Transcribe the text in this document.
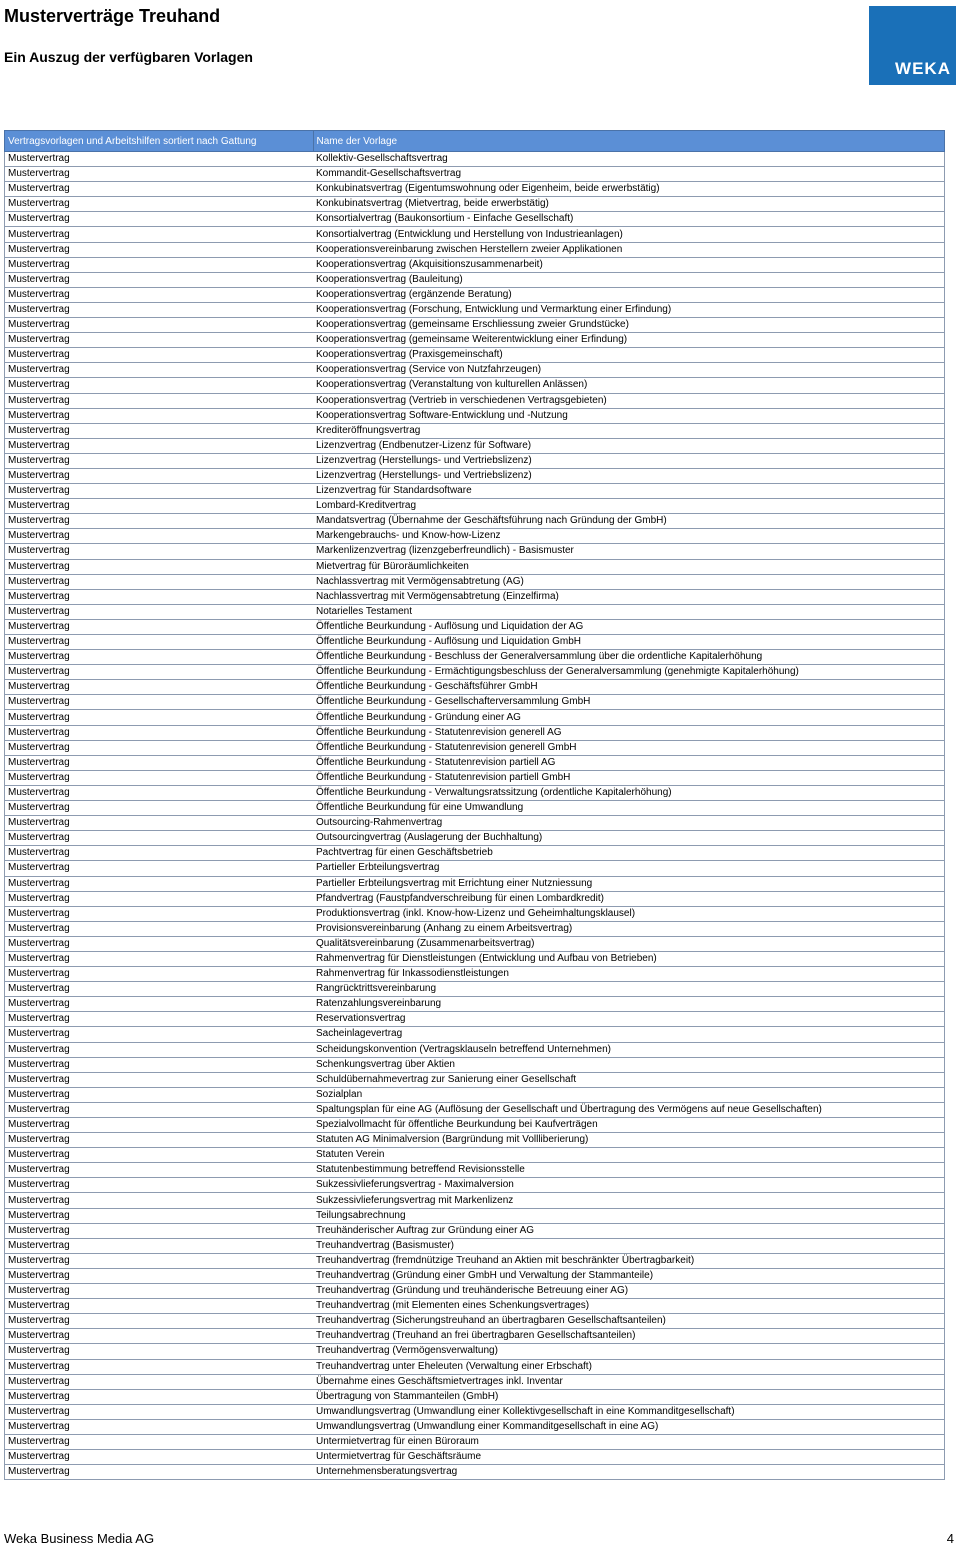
Musterverträge Treuhand
Ein Auszug der verfügbaren Vorlagen
WEKA
Vertragsvorlagen und Arbeitshilfen sortiert nach Gattung	Name der Vorlage
Mustervertrag	Kollektiv-Gesellschaftsvertrag
Mustervertrag	Kommandit-Gesellschaftsvertrag
Mustervertrag	Konkubinatsvertrag (Eigentumswohnung oder Eigenheim, beide erwerbstätig)
Mustervertrag	Konkubinatsvertrag (Mietvertrag, beide erwerbstätig)
Mustervertrag	Konsortialvertrag (Baukonsortium - Einfache Gesellschaft)
Mustervertrag	Konsortialvertrag (Entwicklung und Herstellung von Industrieanlagen)
Mustervertrag	Kooperationsvereinbarung zwischen Herstellern zweier Applikationen
Mustervertrag	Kooperationsvertrag (Akquisitionszusammenarbeit)
Mustervertrag	Kooperationsvertrag (Bauleitung)
Mustervertrag	Kooperationsvertrag (ergänzende Beratung)
Mustervertrag	Kooperationsvertrag (Forschung, Entwicklung und Vermarktung einer Erfindung)
Mustervertrag	Kooperationsvertrag (gemeinsame Erschliessung zweier Grundstücke)
Mustervertrag	Kooperationsvertrag (gemeinsame Weiterentwicklung einer Erfindung)
Mustervertrag	Kooperationsvertrag (Praxisgemeinschaft)
Mustervertrag	Kooperationsvertrag (Service von Nutzfahrzeugen)
Mustervertrag	Kooperationsvertrag (Veranstaltung von kulturellen Anlässen)
Mustervertrag	Kooperationsvertrag (Vertrieb in verschiedenen Vertragsgebieten)
Mustervertrag	Kooperationsvertrag Software-Entwicklung und -Nutzung
Mustervertrag	Krediteröffnungsvertrag
Mustervertrag	Lizenzvertrag (Endbenutzer-Lizenz für Software)
Mustervertrag	Lizenzvertrag (Herstellungs- und Vertriebslizenz)
Mustervertrag	Lizenzvertrag (Herstellungs- und Vertriebslizenz)
Mustervertrag	Lizenzvertrag für Standardsoftware
Mustervertrag	Lombard-Kreditvertrag
Mustervertrag	Mandatsvertrag (Übernahme der Geschäftsführung nach Gründung der GmbH)
Mustervertrag	Markengebrauchs- und Know-how-Lizenz
Mustervertrag	Markenlizenzvertrag (lizenzgeberfreundlich) - Basismuster
Mustervertrag	Mietvertrag für Büroräumlichkeiten
Mustervertrag	Nachlassvertrag mit Vermögensabtretung (AG)
Mustervertrag	Nachlassvertrag mit Vermögensabtretung (Einzelfirma)
Mustervertrag	Notarielles Testament
Mustervertrag	Öffentliche Beurkundung - Auflösung und Liquidation der AG
Mustervertrag	Öffentliche Beurkundung - Auflösung und Liquidation GmbH
Mustervertrag	Öffentliche Beurkundung - Beschluss der Generalversammlung über die ordentliche Kapitalerhöhung
Mustervertrag	Öffentliche Beurkundung - Ermächtigungsbeschluss der Generalversammlung (genehmigte Kapitalerhöhung)
Mustervertrag	Öffentliche Beurkundung - Geschäftsführer GmbH
Mustervertrag	Öffentliche Beurkundung - Gesellschafterversammlung GmbH
Mustervertrag	Öffentliche Beurkundung - Gründung einer AG
Mustervertrag	Öffentliche Beurkundung - Statutenrevision generell AG
Mustervertrag	Öffentliche Beurkundung - Statutenrevision generell GmbH
Mustervertrag	Öffentliche Beurkundung - Statutenrevision partiell AG
Mustervertrag	Öffentliche Beurkundung - Statutenrevision partiell GmbH
Mustervertrag	Öffentliche Beurkundung - Verwaltungsratssitzung (ordentliche Kapitalerhöhung)
Mustervertrag	Öffentliche Beurkundung für eine Umwandlung
Mustervertrag	Outsourcing-Rahmenvertrag
Mustervertrag	Outsourcingvertrag (Auslagerung der Buchhaltung)
Mustervertrag	Pachtvertrag für einen Geschäftsbetrieb
Mustervertrag	Partieller Erbteilungsvertrag
Mustervertrag	Partieller Erbteilungsvertrag mit Errichtung einer Nutzniessung
Mustervertrag	Pfandvertrag (Faustpfandverschreibung für einen Lombardkredit)
Mustervertrag	Produktionsvertrag (inkl. Know-how-Lizenz und Geheimhaltungsklausel)
Mustervertrag	Provisionsvereinbarung (Anhang zu einem Arbeitsvertrag)
Mustervertrag	Qualitätsvereinbarung (Zusammenarbeitsvertrag)
Mustervertrag	Rahmenvertrag für Dienstleistungen (Entwicklung und Aufbau von Betrieben)
Mustervertrag	Rahmenvertrag für Inkassodienstleistungen
Mustervertrag	Rangrücktrittsvereinbarung
Mustervertrag	Ratenzahlungsvereinbarung
Mustervertrag	Reservationsvertrag
Mustervertrag	Sacheinlagevertrag
Mustervertrag	Scheidungskonvention (Vertragsklauseln betreffend Unternehmen)
Mustervertrag	Schenkungsvertrag über Aktien
Mustervertrag	Schuldübernahmevertrag zur Sanierung einer Gesellschaft
Mustervertrag	Sozialplan
Mustervertrag	Spaltungsplan für eine AG (Auflösung der Gesellschaft und Übertragung des Vermögens auf neue Gesellschaften)
Mustervertrag	Spezialvollmacht für öffentliche Beurkundung bei Kaufverträgen
Mustervertrag	Statuten AG Minimalversion (Bargründung mit Vollliberierung)
Mustervertrag	Statuten Verein
Mustervertrag	Statutenbestimmung betreffend Revisionsstelle
Mustervertrag	Sukzessivlieferungsvertrag - Maximalversion
Mustervertrag	Sukzessivlieferungsvertrag mit Markenlizenz
Mustervertrag	Teilungsabrechnung
Mustervertrag	Treuhänderischer Auftrag zur Gründung einer AG
Mustervertrag	Treuhandvertrag (Basismuster)
Mustervertrag	Treuhandvertrag (fremdnützige Treuhand an Aktien mit beschränkter Übertragbarkeit)
Mustervertrag	Treuhandvertrag (Gründung einer GmbH und Verwaltung der Stammanteile)
Mustervertrag	Treuhandvertrag (Gründung und treuhänderische Betreuung einer AG)
Mustervertrag	Treuhandvertrag (mit Elementen eines Schenkungsvertrages)
Mustervertrag	Treuhandvertrag (Sicherungstreuhand an übertragbaren Gesellschaftsanteilen)
Mustervertrag	Treuhandvertrag (Treuhand an frei übertragbaren Gesellschaftsanteilen)
Mustervertrag	Treuhandvertrag (Vermögensverwaltung)
Mustervertrag	Treuhandvertrag unter Eheleuten (Verwaltung einer Erbschaft)
Mustervertrag	Übernahme eines Geschäftsmietvertrages inkl. Inventar
Mustervertrag	Übertragung von Stammanteilen (GmbH)
Mustervertrag	Umwandlungsvertrag (Umwandlung einer Kollektivgesellschaft in eine Kommanditgesellschaft)
Mustervertrag	Umwandlungsvertrag (Umwandlung einer Kommanditgesellschaft in eine AG)
Mustervertrag	Untermietvertrag für einen Büroraum
Mustervertrag	Untermietvertrag für Geschäftsräume
Mustervertrag	Unternehmensberatungsvertrag
Weka Business Media AG	4
